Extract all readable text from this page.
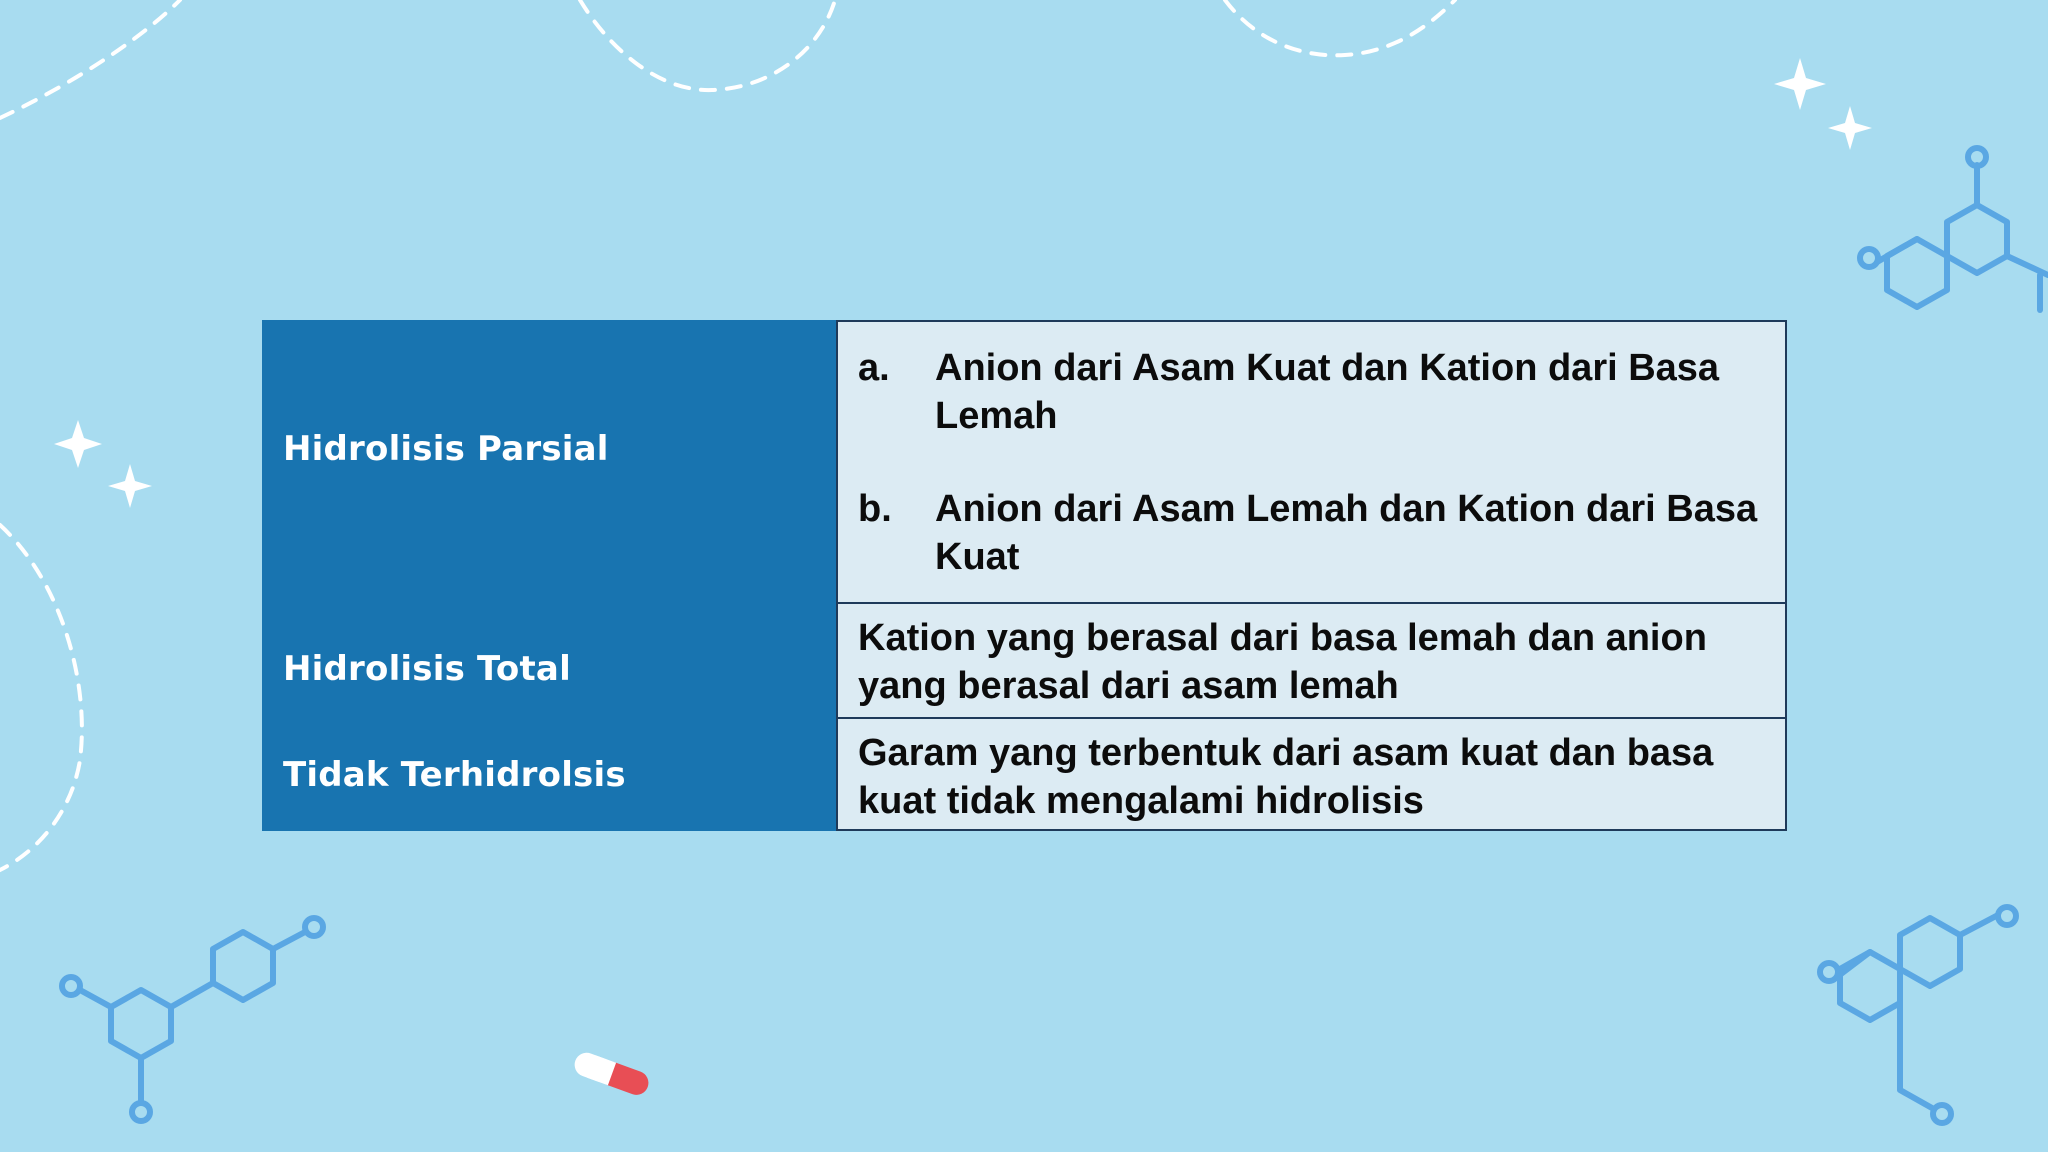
Hidrolisis Parsial
a.	Anion dari Asam Kuat dan Kation dari Basa Lemah
b.	Anion dari Asam Lemah dan Kation dari Basa Kuat
Hidrolisis Total
Kation yang berasal dari basa lemah dan anion yang berasal dari asam lemah
Tidak Terhidrolsis
Garam yang terbentuk dari asam kuat dan basa kuat tidak mengalami hidrolisis
